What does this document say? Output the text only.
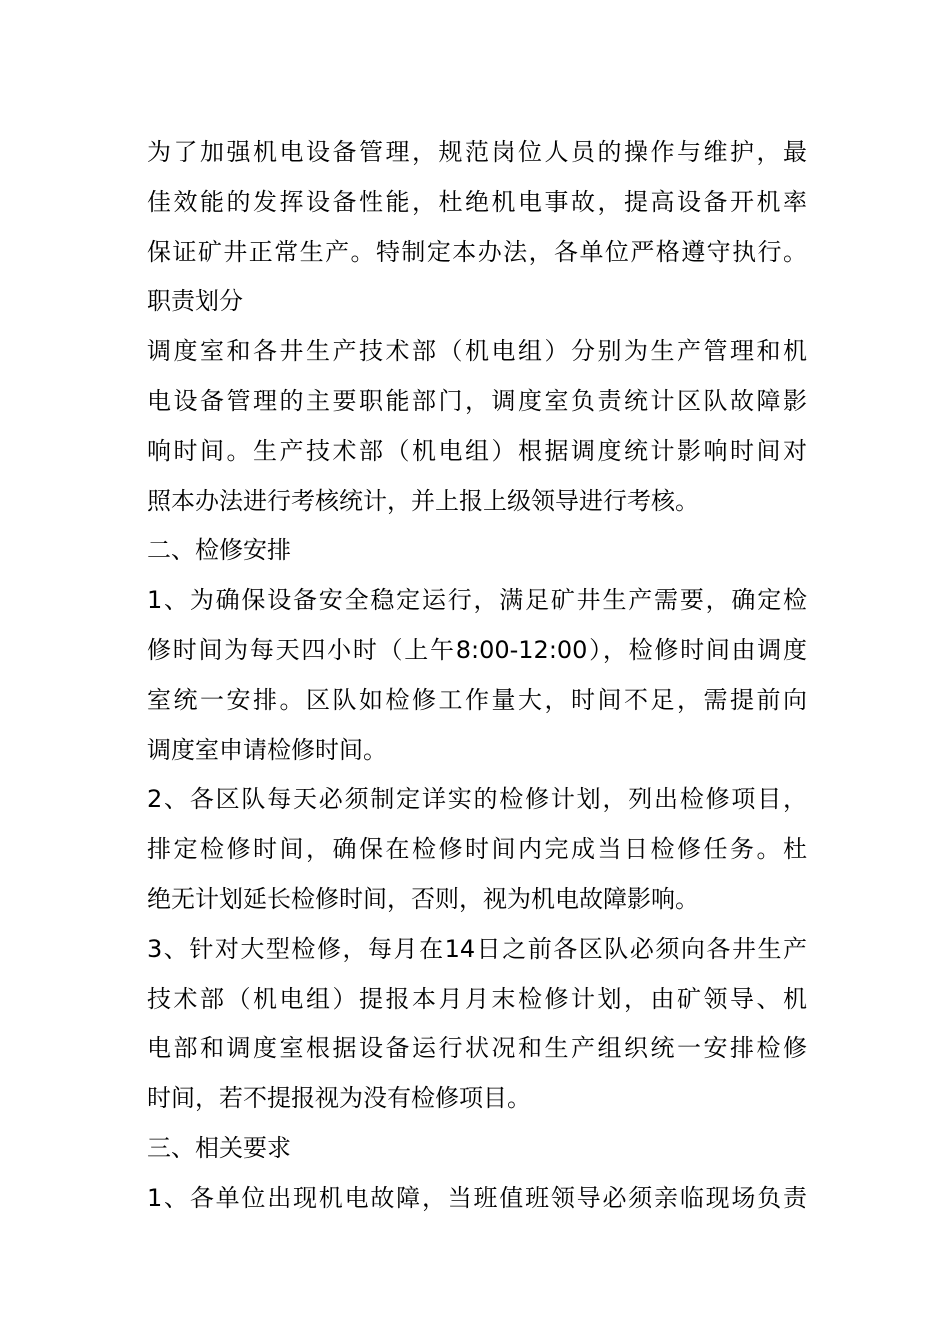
为了加强机电设备管理，规范岗位人员的操作与维护，最
佳效能的发挥设备性能，杜绝机电事故，提高设备开机率
保证矿井正常生产。特制定本办法，各单位严格遵守执行。
职责划分
调度室和各井生产技术部（机电组）分别为生产管理和机
电设备管理的主要职能部门，调度室负责统计区队故障影
响时间。生产技术部（机电组）根据调度统计影响时间对
照本办法进行考核统计，并上报上级领导进行考核。
二、检修安排
1、为确保设备安全稳定运行，满足矿井生产需要，确定检
修时间为每天四小时（上午8:00-12:00），检修时间由调度
室统一安排。区队如检修工作量大，时间不足，需提前向
调度室申请检修时间。
2、各区队每天必须制定详实的检修计划，列出检修项目，
排定检修时间，确保在检修时间内完成当日检修任务。杜
绝无计划延长检修时间，否则，视为机电故障影响。
3、针对大型检修，每月在14日之前各区队必须向各井生产
技术部（机电组）提报本月月末检修计划，由矿领导、机
电部和调度室根据设备运行状况和生产组织统一安排检修
时间，若不提报视为没有检修项目。
三、相关要求
1、各单位出现机电故障，当班值班领导必须亲临现场负责
